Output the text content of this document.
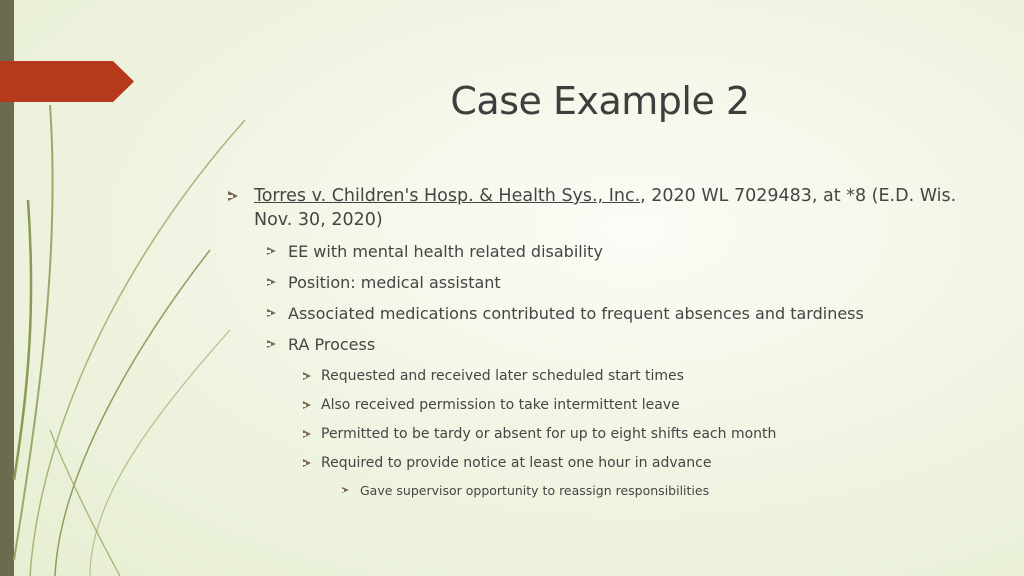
Case Example 2
Torres v. Children's Hosp. & Health Sys., Inc., 2020 WL 7029483, at *8 (E.D. Wis. Nov. 30, 2020)
EE with mental health related disability
Position: medical assistant
Associated medications contributed to frequent absences and tardiness
RA Process
Requested and received later scheduled start times
Also received permission to take intermittent leave
Permitted to be tardy or absent for up to eight shifts each month
Required to provide notice at least one hour in advance
Gave supervisor opportunity to reassign responsibilities
